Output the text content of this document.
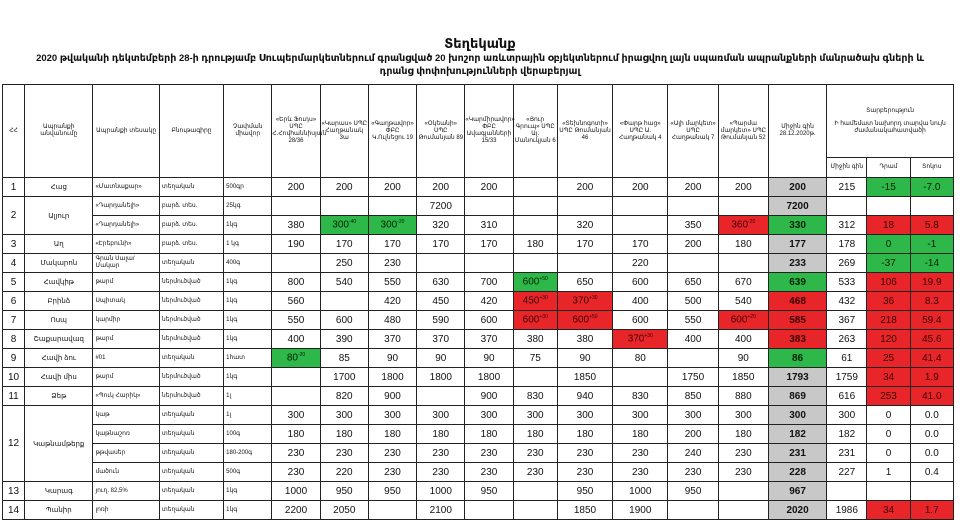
Տեղեկանք
2020 թվականի դեկտեմբերի 28-ի դրությամբ Սուպերմարկետներում գրանցված 20 խոշոր առևտրային օբյեկտներում իրացվող լայն սպառման ապրանքների մանրածախ գների և դրանց փոփոխությունների վերաբերյալ
ՀՀ	Ապրանքի անվանումը	Ապրանքի տեսակը	Բնութագիրը	Չափման միավոր	«Երև Ֆուդս» ՍՊԸ Հ.Հովհաննիսյան 28/36	«Կարաս» ՍՊԸ Հաղթանակ 3ա	«Գաղթավոր» ՓԲԸ Կ.Ուլնեցու 19	«Օկեանի» ՍՊԸ Թումանյան 89	«Կարմիրավոր» ՓԲԸ Ավագյանների 15/33	«Յուր Գրուպ» ՍՊԸ Ալ. Մանուկյան 6	«Տեխնոգոտի» ՍՊԸ Թումանյան 46	«Փարթ հաց» ՍՊԸ Ա. Հաղթանակ 4	«Ալի մարկետ» ՍՊԸ Հաղթանակ 7	«Պարմա մարկետ» ՍՊԸ Թումանյան 52	Միջին գին 28.12.2020թ.	Տարբերություն
Ի համեմատ նախորդ տարվա նույն ժամանակահատվածի		

																Միջին գին	Դրամ	Տոկոս
1	Հաց	«Մատնաքար»	տեղական	500գր	200	200	200	200	200		200	200	200	200	200	215	-15	-7.0
2	Ալյուր	«Դարդանելի»	բարձ. տես.	25կգ				7200							7200			
		«Դարդանելի»	բարձ. տես.	1կգ	380	$300^{-40}$	$300^{-20}$	320	310		320		350	$360^{-20}$	330	312	18	5.8
3	Աղ	«Էրեբունի»	բարձ. տես.	1 կգ	190	170	170	170	170	180	170	170	200	180	177	178	0	-1
4	Մակարոն	Գրան Սալա/ Մակար	տեղական	400գ		250	230					220			233	269	-37	-14
5	Հավկիթ	թարմ	ներմուծված	1կգ	800	540	550	630	700	$600^{+50}$	650	600	650	670	639	533	106	19.9
6	Բրինձ	Սպիտակ	ներմուծված	1կգ	560		420	450	420	$450^{+30}$	$370^{+30}$	400	500	540	468	432	36	8.3
7	Ոսպ	կարմիր	ներմուծված	1կգ	550	600	480	590	600	$600^{+30}$	$600^{+50}$	600	550	$600^{+20}$	585	367	218	59.4
8	Շաքարավազ	թարմ	ներմուծված	1կգ	400	390	370	370	370	380	380	$370^{+30}$	400	400	383	263	120	45.6
9	Հավի ձու	#01	տեղական	1հատ	$80^{-20}$	85	90	90	90	75	90	80		90	86	61	25	41.4
10	Հավի միս	թարմ	ներմուծված	1կգ		1700	1800	1800	1800		1850		1750	1850	1793	1759	34	1.9
11	Ձեթ	«Պուկ Հարիկ»	ներմուծված	1լ		820	900		900	830	940	830	850	880	869	616	253	41.0
12	Կաթնամթերք	կաթ	տեղական	1լ	300	300	300	300	300	300	300	300	300	300	300	300	0	0.0
		կաթնաշոռ	տեղական	100գ	180	180	180	180	180	180	180	180	200	180	182	182	0	0.0
		թթվասեր	տեղական	180-200գ	230	230	230	230	230	230	230	230	240	230	231	231	0	0.0
		մածուն	տեղական	500գ	230	220	230	230	230	230	230	230	230	230	228	227	1	0.4
13	Կարագ	յուղ. 82,5%	տեղական	1կգ	1000	950	950	1000	950		950	1000	950		967			
14	Պանիր	լոռի	տեղական	1կգ	2200	2050		2100			1850	1900			2020	1986	34	1.7
